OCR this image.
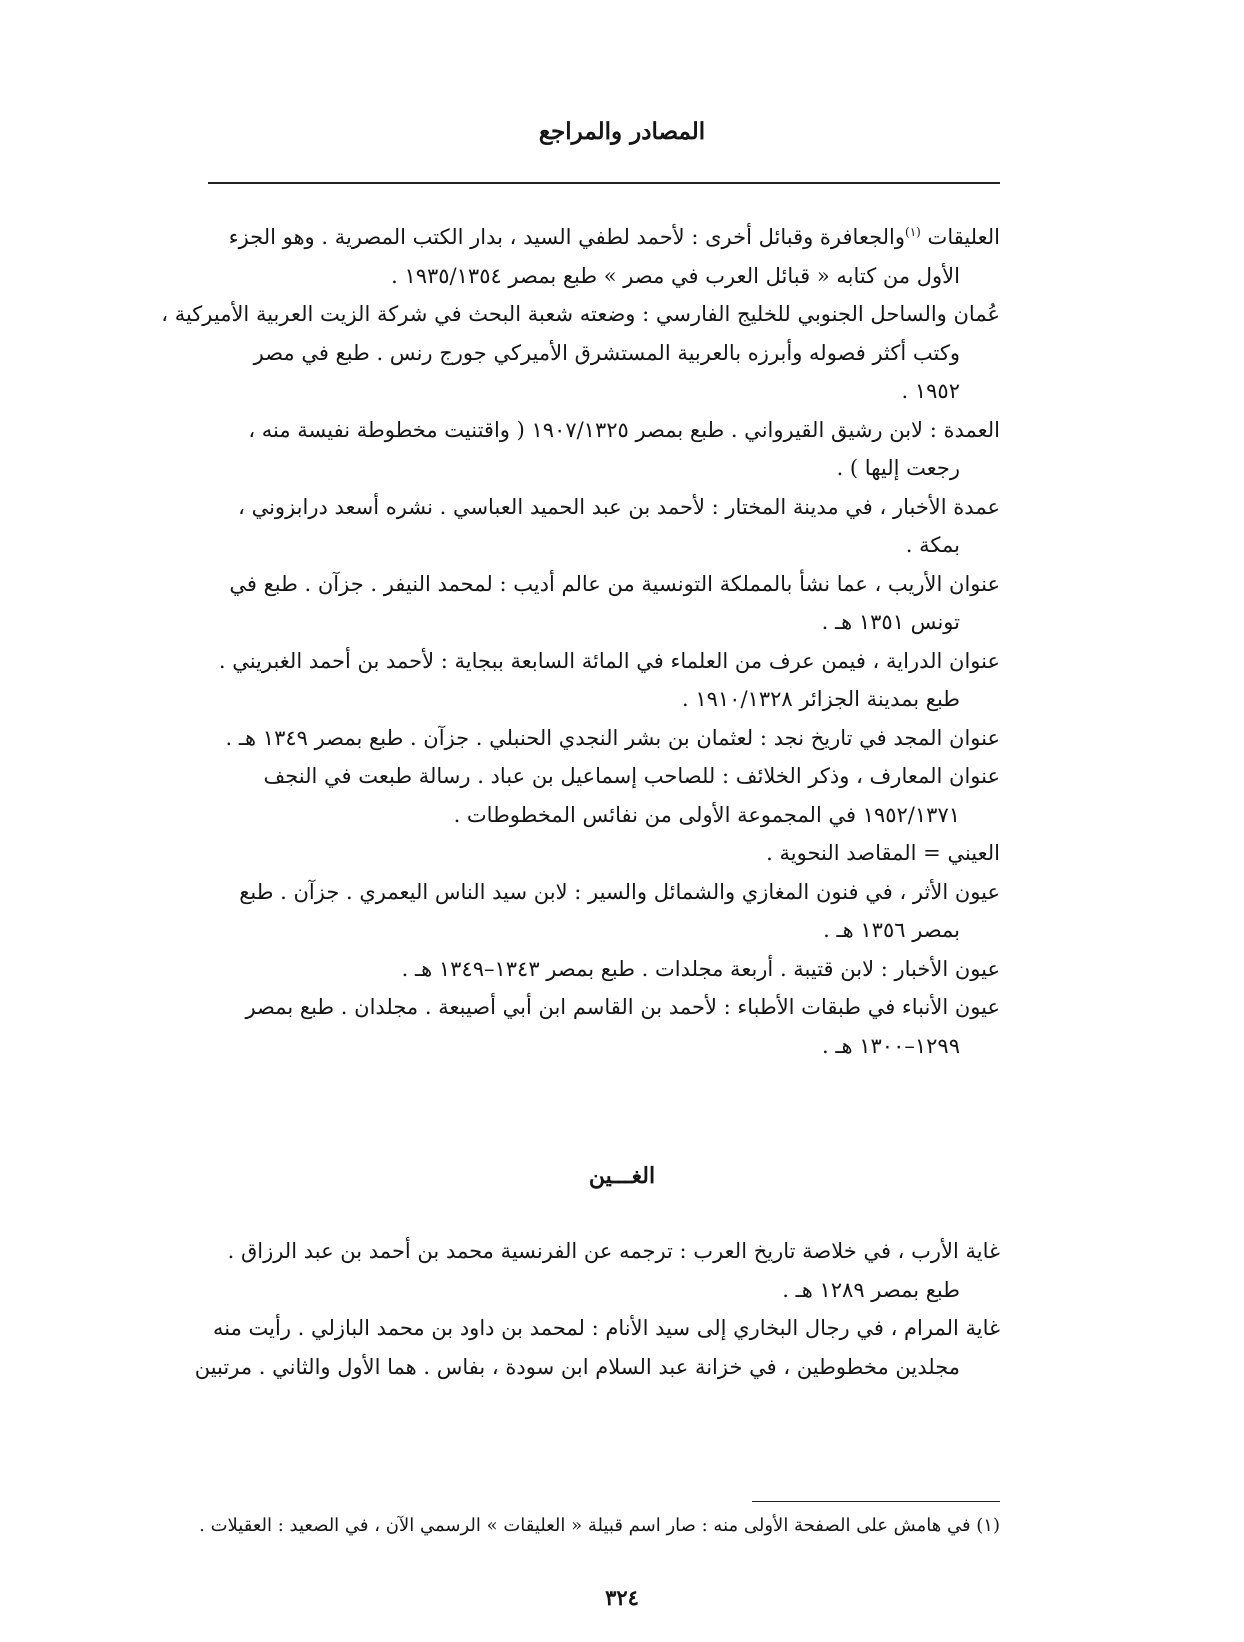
المصادر والمراجع

العليقات $^{(١)}$والجعافرة وقبائل أخرى : لأحمد لطفي السيد ، بدار الكتب المصرية . وهو الجزء
الأول من كتابه « قبائل العرب في مصر » طبع بمصر ١٩٣٥/١٣٥٤ .

عُمان والساحل الجنوبي للخليج الفارسي : وضعته شعبة البحث في شركة الزيت العربية الأميركية ،
وكتب أكثر فصوله وأبرزه بالعربية المستشرق الأميركي جورج رنس . طبع في مصر
١٩٥٢ .

العمدة : لابن رشيق القيرواني . طبع بمصر ١٩٠٧/١٣٢٥ ( واقتنيت مخطوطة نفيسة منه ،
رجعت إليها ) .

عمدة الأخبار ، في مدينة المختار : لأحمد بن عبد الحميد العباسي . نشره أسعد درابزوني ،
بمكة .

عنوان الأريب ، عما نشأ بالمملكة التونسية من عالم أديب : لمحمد النيفر . جزآن . طبع في
تونس ١٣٥١ هـ .

عنوان الدراية ، فيمن عرف من العلماء في المائة السابعة ببجاية : لأحمد بن أحمد الغبريني .
طبع بمدينة الجزائر ١٩١٠/١٣٢٨ .

عنوان المجد في تاريخ نجد : لعثمان بن بشر النجدي الحنبلي . جزآن . طبع بمصر ١٣٤٩ هـ .

عنوان المعارف ، وذكر الخلائف : للصاحب إسماعيل بن عباد . رسالة طبعت في النجف
١٩٥٢/١٣٧١ في المجموعة الأولى من نفائس المخطوطات .

العيني = المقاصد النحوية .

عيون الأثر ، في فنون المغازي والشمائل والسير : لابن سيد الناس اليعمري . جزآن . طبع
بمصر ١٣٥٦ هـ .

عيون الأخبار : لابن قتيبة . أربعة مجلدات . طبع بمصر ١٣٤٣–١٣٤٩ هـ .

عيون الأنباء في طبقات الأطباء : لأحمد بن القاسم ابن أبي أصيبعة . مجلدان . طبع بمصر
١٢٩٩–١٣٠٠ هـ .

الغـــين

غاية الأرب ، في خلاصة تاريخ العرب : ترجمه عن الفرنسية محمد بن أحمد بن عبد الرزاق .
طبع بمصر ١٢٨٩ هـ .

غاية المرام ، في رجال البخاري إلى سيد الأنام : لمحمد بن داود بن محمد البازلي . رأيت منه
مجلدين مخطوطين ، في خزانة عبد السلام ابن سودة ، بفاس . هما الأول والثاني . مرتبين

(١) في هامش على الصفحة الأولى منه : صار اسم قبيلة « العليقات » الرسمي الآن ، في الصعيد : العقيلات .
٣٢٤
